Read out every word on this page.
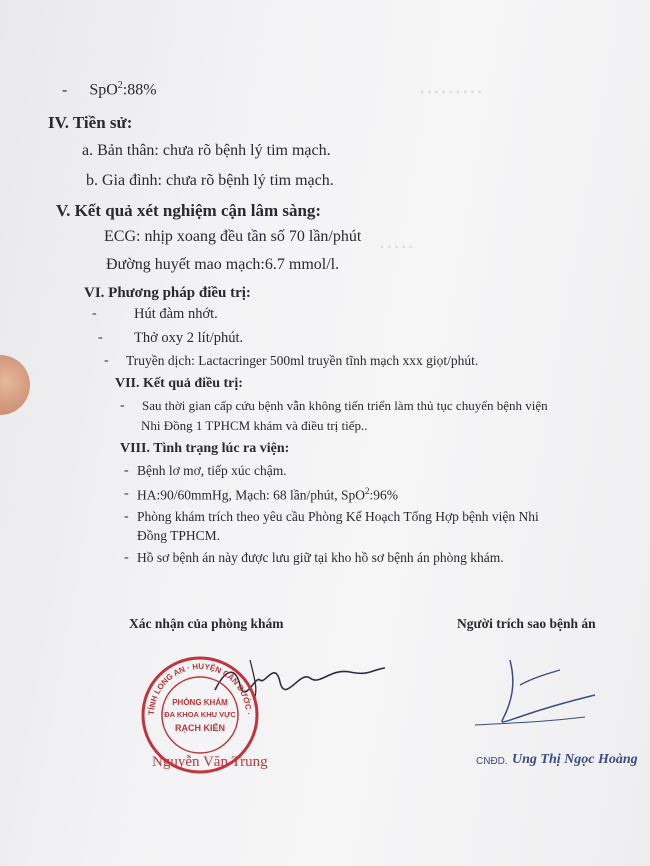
• • • • • • • • •
• • • • •
- SpO$^2$:88%
IV. Tiền sử:
a. Bản thân: chưa rõ bệnh lý tim mạch.
b. Gia đình: chưa rõ bệnh lý tim mạch.
V. Kết quả xét nghiệm cận lâm sàng:
ECG: nhịp xoang đều tần số 70 lần/phút
Đường huyết mao mạch:6.7 mmol/l.
VI. Phương pháp điều trị:
-	Hút đàm nhớt.
- Thở oxy 2 lít/phút.
- Truyền dịch: Lactacringer 500ml truyền tĩnh mạch xxx giọt/phút.
VII. Kết quả điều trị:
- Sau thời gian cấp cứu bệnh vẫn không tiến triển làm thủ tục chuyển bệnh viện
Nhi Đồng 1 TPHCM khám và điều trị tiếp..
VIII. Tình trạng lúc ra viện:
- Bệnh lơ mơ, tiếp xúc chậm.
- HA:90/60mmHg, Mạch: 68 lần/phút, SpO$^2$:96%
- Phòng khám trích theo yêu cầu Phòng Kế Hoạch Tổng Hợp bệnh viện Nhi
Đồng TPHCM.
- Hồ sơ bệnh án này được lưu giữ tại kho hồ sơ bệnh án phòng khám.
Xác nhận của phòng khám	Người trích sao bệnh án
TỈNH LONG AN · HUYỆN CẦN ĐƯỚC ·
PHÒNG KHÁM
ĐA KHOA KHU VỰC
RẠCH KIẾN
Nguyễn Văn Trung	CNĐD. Ung Thị Ngọc Hoàng
